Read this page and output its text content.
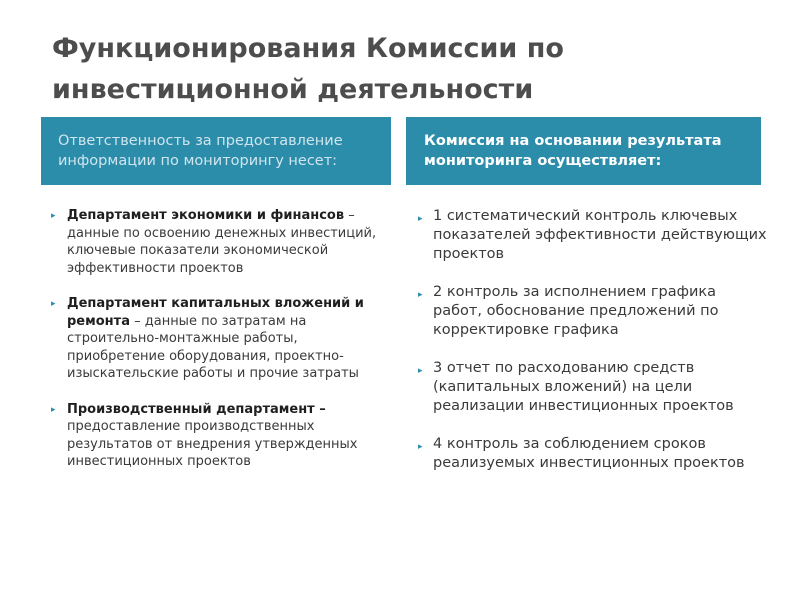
Функционирования Комиссии по инвестиционной деятельности
Ответственность за предоставление информации по мониторингу несет:
Комиссия на основании результата мониторинга осуществляет:
▸ Департамент экономики и финансов – данные по освоению денежных инвестиций, ключевые показатели экономической эффективности проектов
▸ Департамент капитальных вложений и ремонта – данные по затратам на строительно-монтажные работы, приобретение оборудования, проектно-изыскательские работы и прочие затраты
▸ Производственный департамент – предоставление производственных результатов от внедрения утвержденных инвестиционных проектов
▸ 1 систематический контроль ключевых показателей эффективности действующих проектов
▸ 2 контроль за исполнением графика работ, обоснование предложений по корректировке графика
▸ 3 отчет по расходованию средств (капитальных вложений) на цели реализации инвестиционных проектов
▸ 4 контроль за соблюдением сроков реализуемых инвестиционных проектов
